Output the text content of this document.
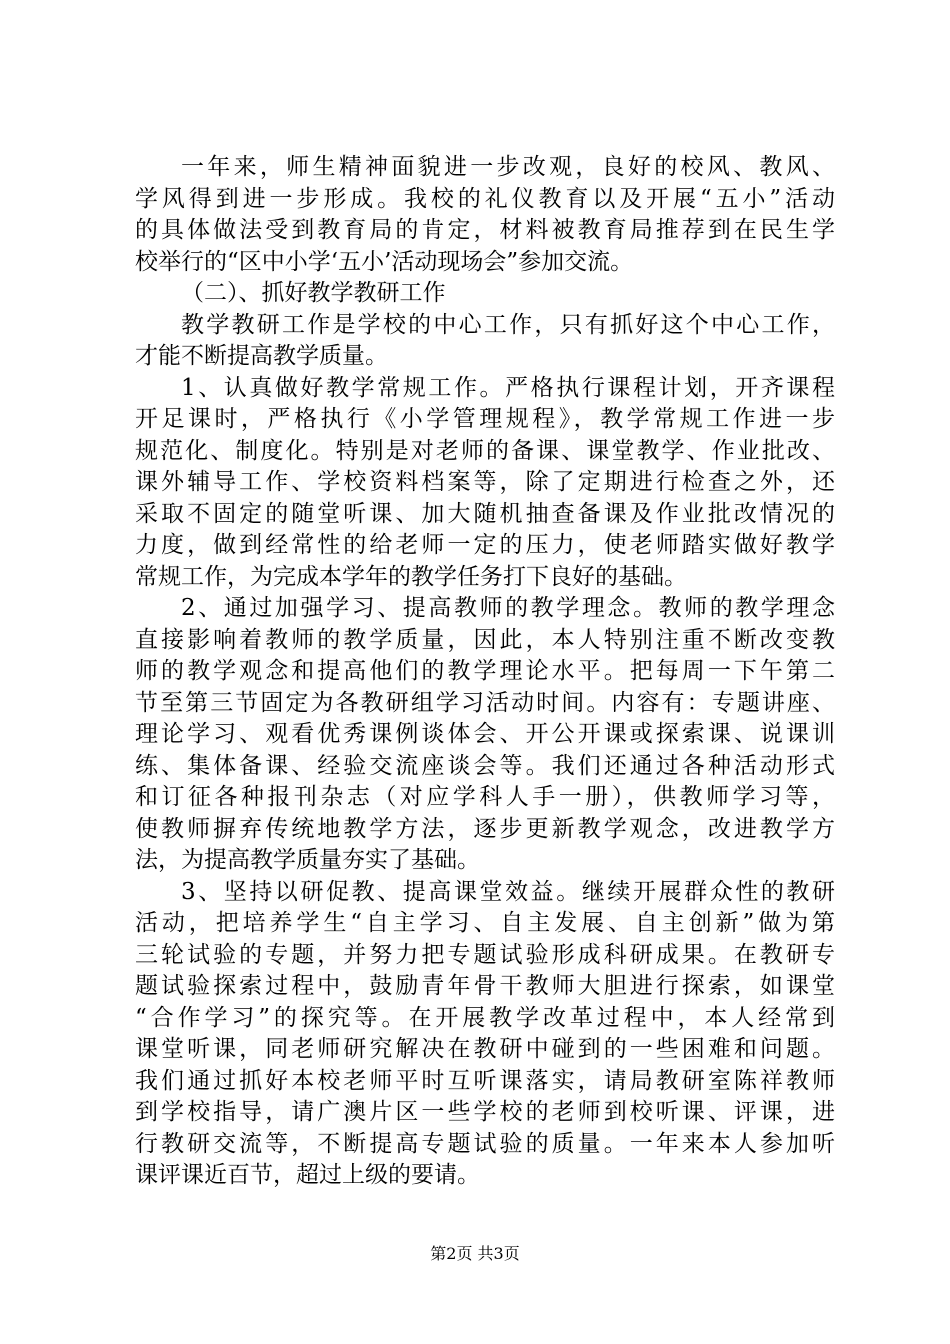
一年来，师生精神面貌进一步改观，良好的校风、教风、
学风得到进一步形成。我校的礼仪教育以及开展“五小”活动
的具体做法受到教育局的肯定，材料被教育局推荐到在民生学
校举行的“区中小学‘五小’活动现场会”参加交流。
（二）、抓好教学教研工作
教学教研工作是学校的中心工作，只有抓好这个中心工作，
才能不断提高教学质量。
1、认真做好教学常规工作。严格执行课程计划，开齐课程
开足课时，严格执行《小学管理规程》，教学常规工作进一步
规范化、制度化。特别是对老师的备课、课堂教学、作业批改、
课外辅导工作、学校资料档案等，除了定期进行检查之外，还
采取不固定的随堂听课、加大随机抽查备课及作业批改情况的
力度，做到经常性的给老师一定的压力，使老师踏实做好教学
常规工作，为完成本学年的教学任务打下良好的基础。
2、通过加强学习、提高教师的教学理念。教师的教学理念
直接影响着教师的教学质量，因此，本人特别注重不断改变教
师的教学观念和提高他们的教学理论水平。把每周一下午第二
节至第三节固定为各教研组学习活动时间。内容有：专题讲座、
理论学习、观看优秀课例谈体会、开公开课或探索课、说课训
练、集体备课、经验交流座谈会等。我们还通过各种活动形式
和订征各种报刊杂志（对应学科人手一册），供教师学习等，
使教师摒弃传统地教学方法，逐步更新教学观念，改进教学方
法，为提高教学质量夯实了基础。
3、坚持以研促教、提高课堂效益。继续开展群众性的教研
活动，把培养学生“自主学习、自主发展、自主创新”做为第
三轮试验的专题，并努力把专题试验形成科研成果。在教研专
题试验探索过程中，鼓励青年骨干教师大胆进行探索，如课堂
“合作学习”的探究等。在开展教学改革过程中，本人经常到
课堂听课，同老师研究解决在教研中碰到的一些困难和问题。
我们通过抓好本校老师平时互听课落实，请局教研室陈祥教师
到学校指导，请广澳片区一些学校的老师到校听课、评课，进
行教研交流等，不断提高专题试验的质量。一年来本人参加听
课评课近百节，超过上级的要请。
第2页 共3页
